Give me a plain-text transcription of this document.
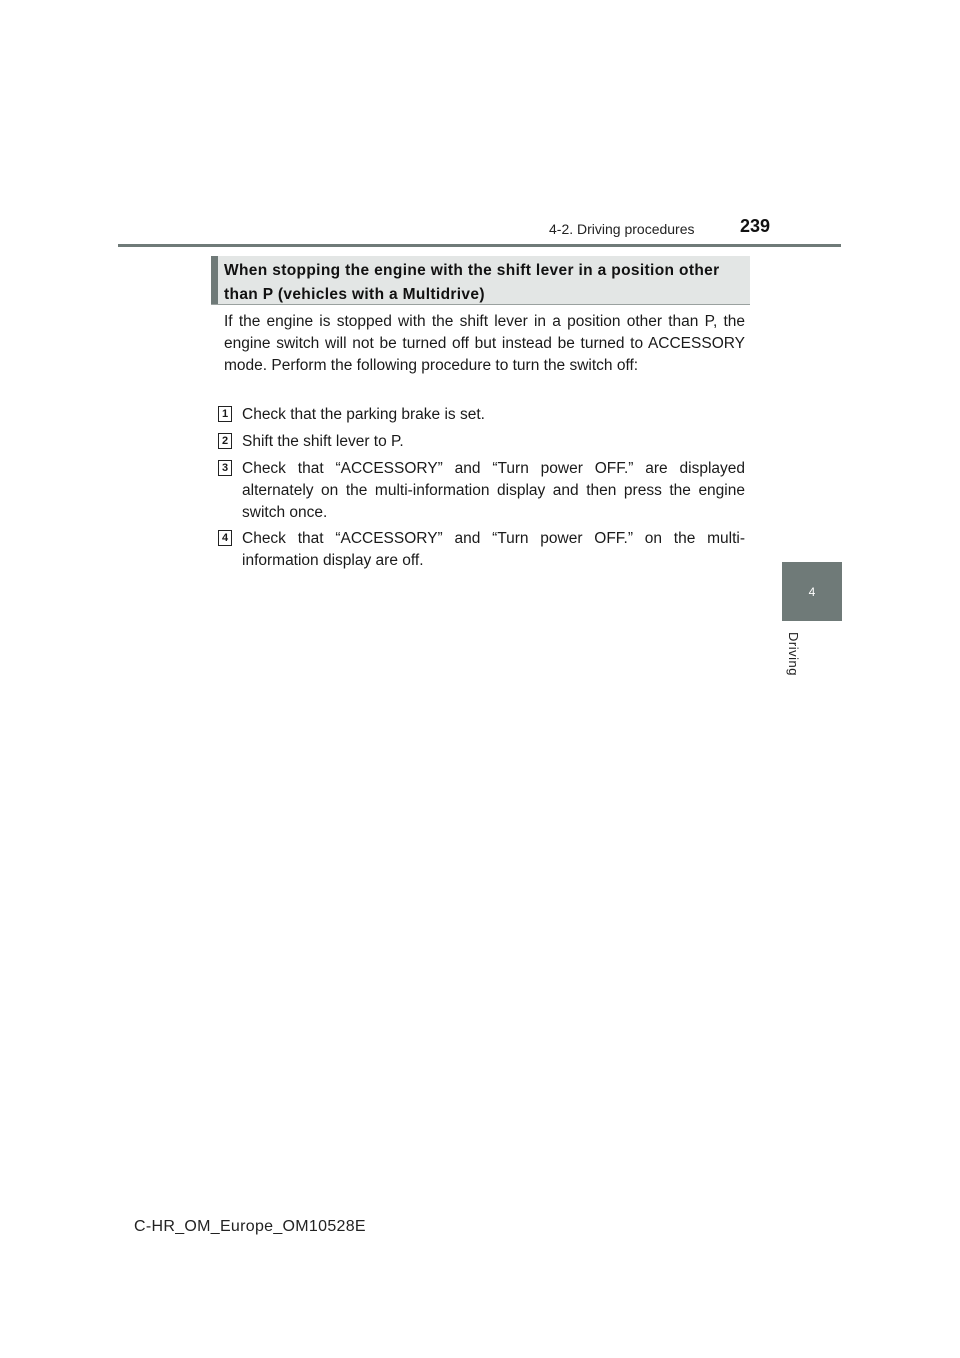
4-2. Driving procedures	239
4
Driving
When stopping the engine with the shift lever in a position other than P (vehicles with a Multidrive)

If the engine is stopped with the shift lever in a position other than P, the engine switch will not be turned off but instead be turned to ACCESSORY mode. Perform the following procedure to turn the switch off:

1 Check that the parking brake is set.

2 Shift the shift lever to P.

3 Check that “ACCESSORY” and “Turn power OFF.” are displayed alternately on the multi-information display and then press the engine switch once.

4 Check that “ACCESSORY” and “Turn power OFF.” on the multi-information display are off.

C-HR_OM_Europe_OM10528E
